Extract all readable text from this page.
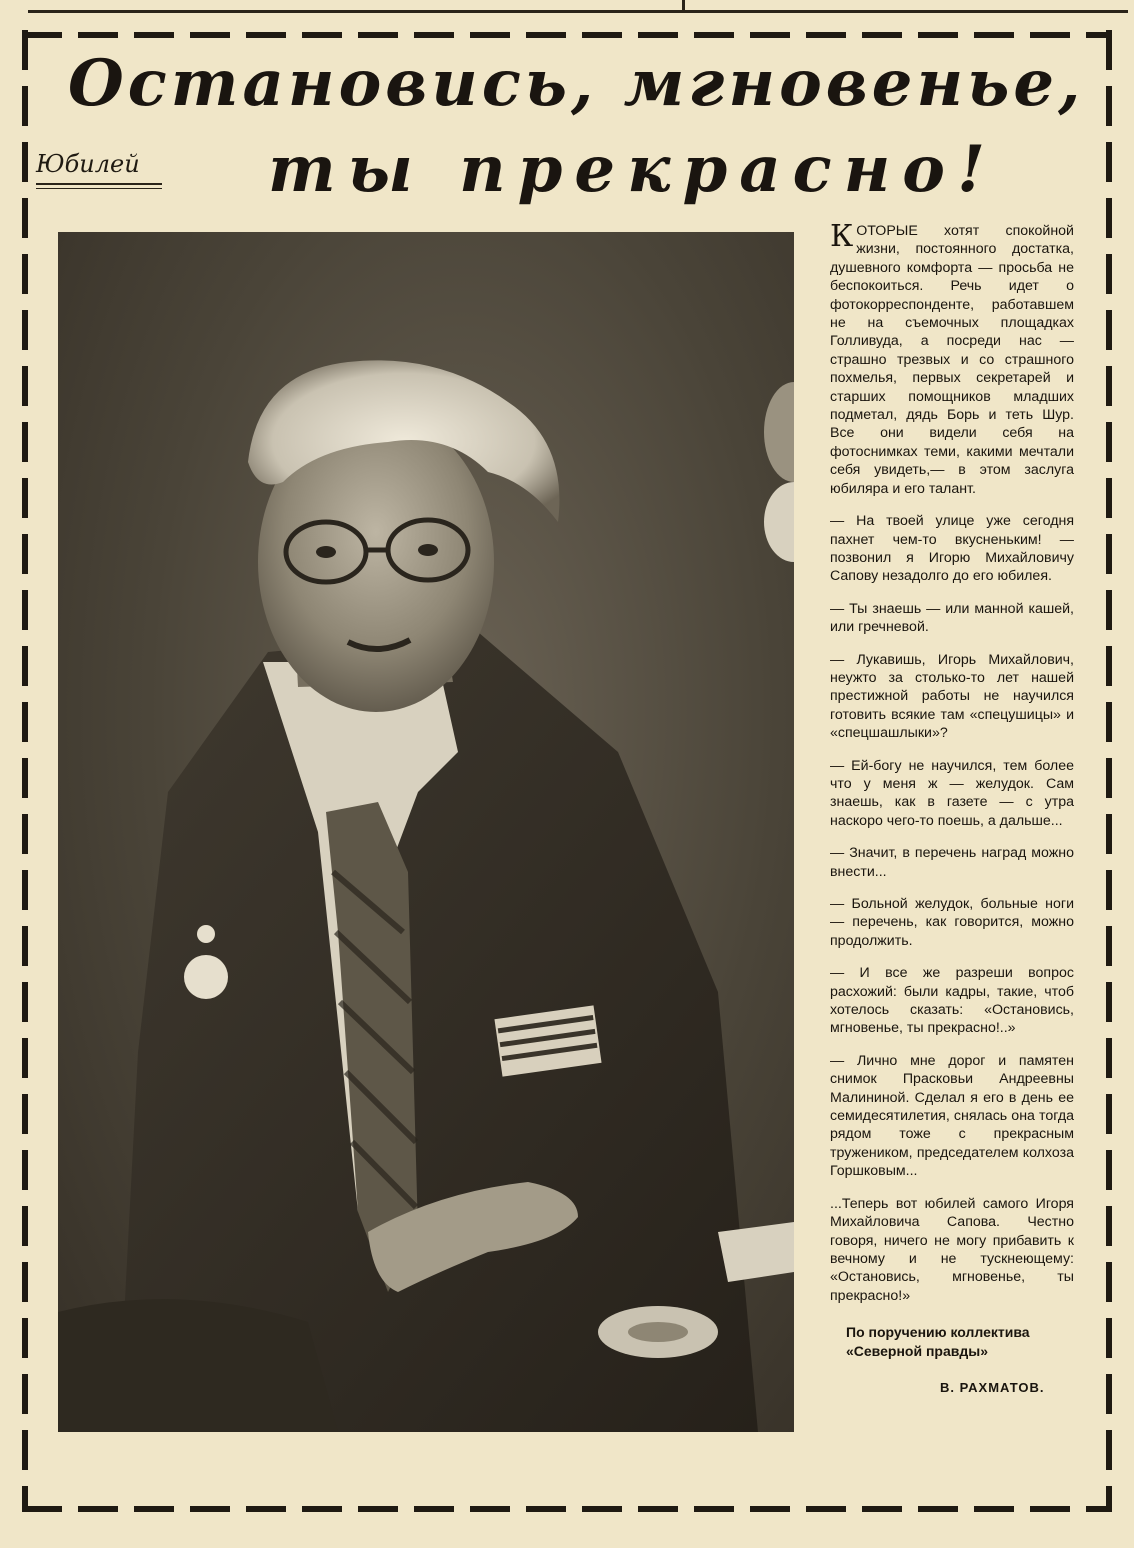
Остановись, мгновенье,
ты прекрасно!
Юбилей

КОТОРЫЕ хотят спокойной жизни, постоянного достатка, душевного комфорта — просьба не беспокоиться. Речь идет о фотокорреспонденте, работавшем не на съемочных площадках Голливуда, а посреди нас — страшно трезвых и со страшного похмелья, первых секретарей и старших помощников младших подметал, дядь Борь и теть Шур. Все они видели себя на фотоснимках теми, какими мечтали себя увидеть,— в этом заслуга юбиляра и его талант.

— На твоей улице уже сегодня пахнет чем-то вкусненьким! — позвонил я Игорю Михайловичу Сапову незадолго до его юбилея.

— Ты знаешь — или манной кашей, или гречневой.

— Лукавишь, Игорь Михайлович, неужто за столько-то лет нашей престижной работы не научился готовить всякие там «спецушицы» и «спецшашлыки»?

— Ей-богу не научился, тем более что у меня ж — желудок. Сам знаешь, как в газете — с утра наскоро чего-то поешь, а дальше...

— Значит, в перечень наград можно внести...

— Больной желудок, больные ноги — перечень, как говорится, можно продолжить.

— И все же разреши вопрос расхожий: были кадры, такие, чтоб хотелось сказать: «Остановись, мгновенье, ты прекрасно!..»

— Лично мне дорог и памятен снимок Прасковьи Андреевны Малининой. Сделал я его в день ее семидесятилетия, снялась она тогда рядом тоже с прекрасным тружеником, председателем колхоза Горшковым...

...Теперь вот юбилей самого Игоря Михайловича Сапова. Честно говоря, ничего не могу прибавить к вечному и не тускнеющему: «Остановись, мгновенье, ты прекрасно!»

По поручению коллектива
«Северной правды»
В. РАХМАТОВ.
